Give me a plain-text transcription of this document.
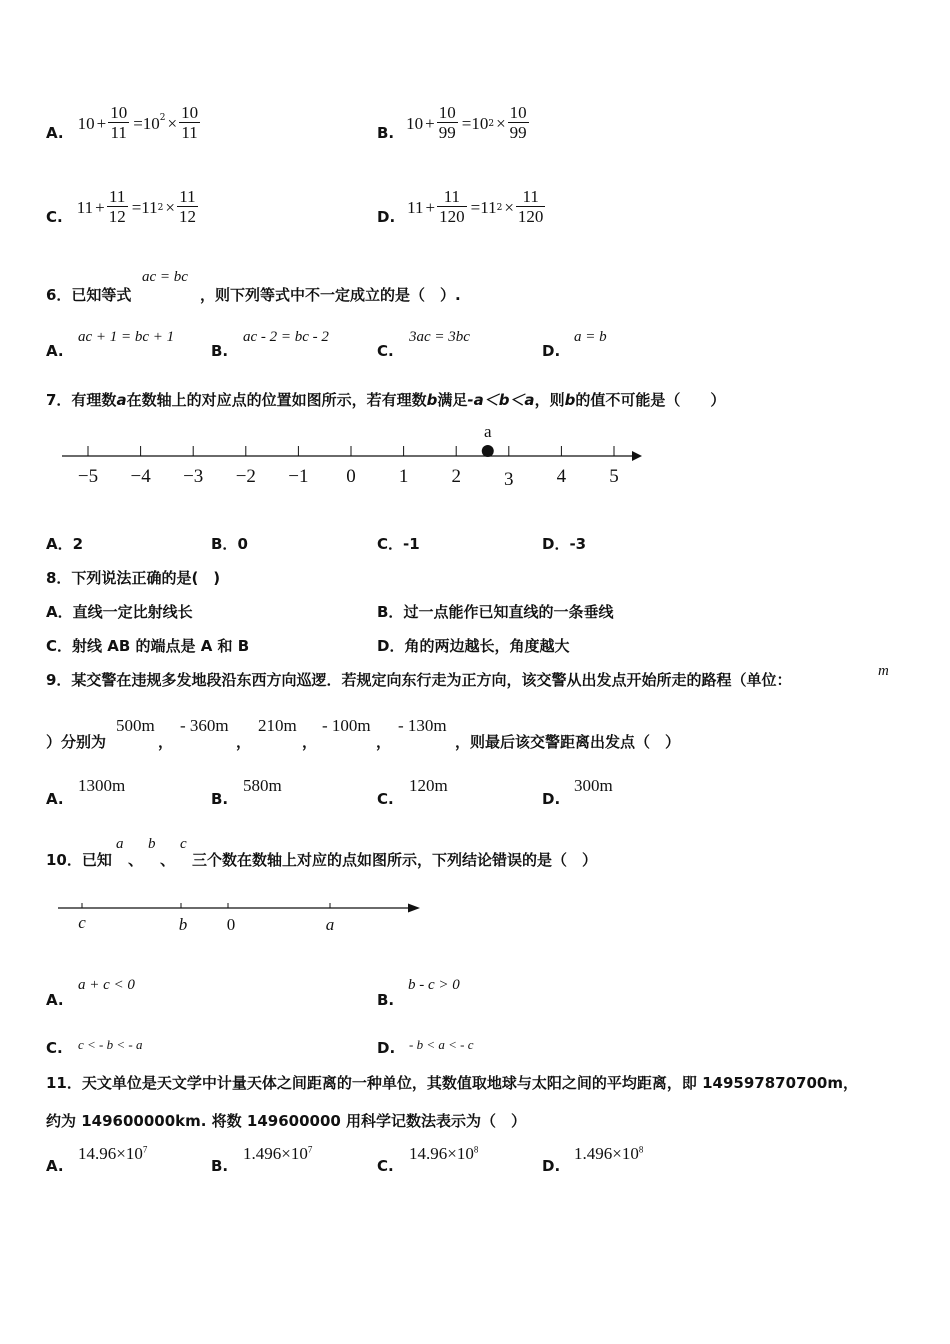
A. $10 + \frac{10}{11} =10^2 \times \frac{10}{11}$	B. $10 + \frac{10}{99} =10$ $2 \times \frac{10}{99}$
C. $11 + \frac{11}{12} =11$ $2 \times \frac{11}{12}$	D. $11 + \frac{11}{120} =11$ $2 \times \frac{11}{120}$
6．已知等式
ac = bc
，则下列等式中不一定成立的是（　）.
A.
ac + 1 = bc + 1
B.
ac - 2 = bc - 2
C.
3ac = 3bc
D.
a = b
7．有理数a在数轴上的对应点的位置如图所示，若有理数b满足-a＜b＜a，则b的值不可能是（　　）
−5 −4 −3 −2 −1 0 1 2 3 4 5
a
A．2	B．0	C．-1	D．-3
8．下列说法正确的是(　)
A．直线一定比射线长	B．过一点能作已知直线的一条垂线
C．射线 AB 的端点是 A 和 B	D．角的两边越长，角度越大
9．某交警在违规多发地段沿东西方向巡逻．若规定向东行走为正方向，该交警从出发点开始所走的路程（单位：	m
）分别为
500m
，
- 360m
，
210m
，
- 100m
，
- 130m
，则最后该交警距离出发点（　）
A.
1300m
B.
580m
C.
120m
D.
300m
10．已知
a
、
b
、
c
三个数在数轴上对应的点如图所示，下列结论错误的是（　）
c	b 0	a
A.
a + c < 0
B.
b - c > 0
C. c < - b < - a	D. - b < a < - c
11．天文单位是天文学中计量天体之间距离的一种单位，其数值取地球与太阳之间的平均距离，即 149597870700m，
约为 149600000km. 将数 149600000 用科学记数法表示为（　）
A.
$14.96\times 10^7$
B.
$1.496\times 10^7$
C.
$14.96\times 10^8$
D.
$1.496\times 10^8$
